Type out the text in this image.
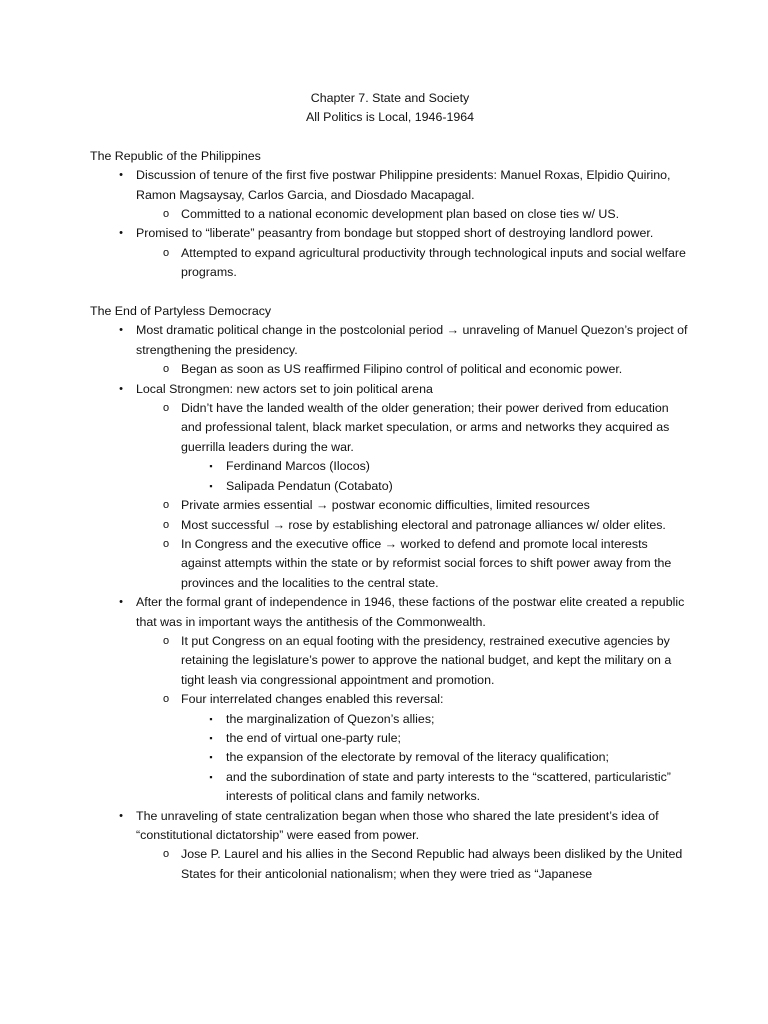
Chapter 7. State and Society
All Politics is Local, 1946-1964
The Republic of the Philippines
•
Discussion of tenure of the first five postwar Philippine presidents: Manuel Roxas, Elpidio Quirino, Ramon Magsaysay, Carlos Garcia, and Diosdado Macapagal.
o
Committed to a national economic development plan based on close ties w/ US.
•
Promised to “liberate” peasantry from bondage but stopped short of destroying landlord power.
o
Attempted to expand agricultural productivity through technological inputs and social welfare programs.
The End of Partyless Democracy
•
Most dramatic political change in the postcolonial period → unraveling of Manuel Quezon’s project of strengthening the presidency.
o
Began as soon as US reaffirmed Filipino control of political and economic power.
•
Local Strongmen: new actors set to join political arena
o
Didn’t have the landed wealth of the older generation; their power derived from education and professional talent, black market speculation, or arms and networks they acquired as guerrilla leaders during the war.
▪
Ferdinand Marcos (Ilocos)
▪
Salipada Pendatun (Cotabato)
o
Private armies essential → postwar economic difficulties, limited resources
o
Most successful → rose by establishing electoral and patronage alliances w/ older elites.
o
In Congress and the executive office → worked to defend and promote local interests against attempts within the state or by reformist social forces to shift power away from the provinces and the localities to the central state.
•
After the formal grant of independence in 1946, these factions of the postwar elite created a republic that was in important ways the antithesis of the Commonwealth.
o
It put Congress on an equal footing with the presidency, restrained executive agencies by retaining the legislature’s power to approve the national budget, and kept the military on a tight leash via congressional appointment and promotion.
o
Four interrelated changes enabled this reversal:
▪
the marginalization of Quezon’s allies;
▪
the end of virtual one-party rule;
▪
the expansion of the electorate by removal of the literacy qualification;
▪
and the subordination of state and party interests to the “scattered, particularistic” interests of political clans and family networks.
•
The unraveling of state centralization began when those who shared the late president’s idea of “constitutional dictatorship” were eased from power.
o
Jose P. Laurel and his allies in the Second Republic had always been disliked by the United States for their anticolonial nationalism; when they were tried as “Japanese
